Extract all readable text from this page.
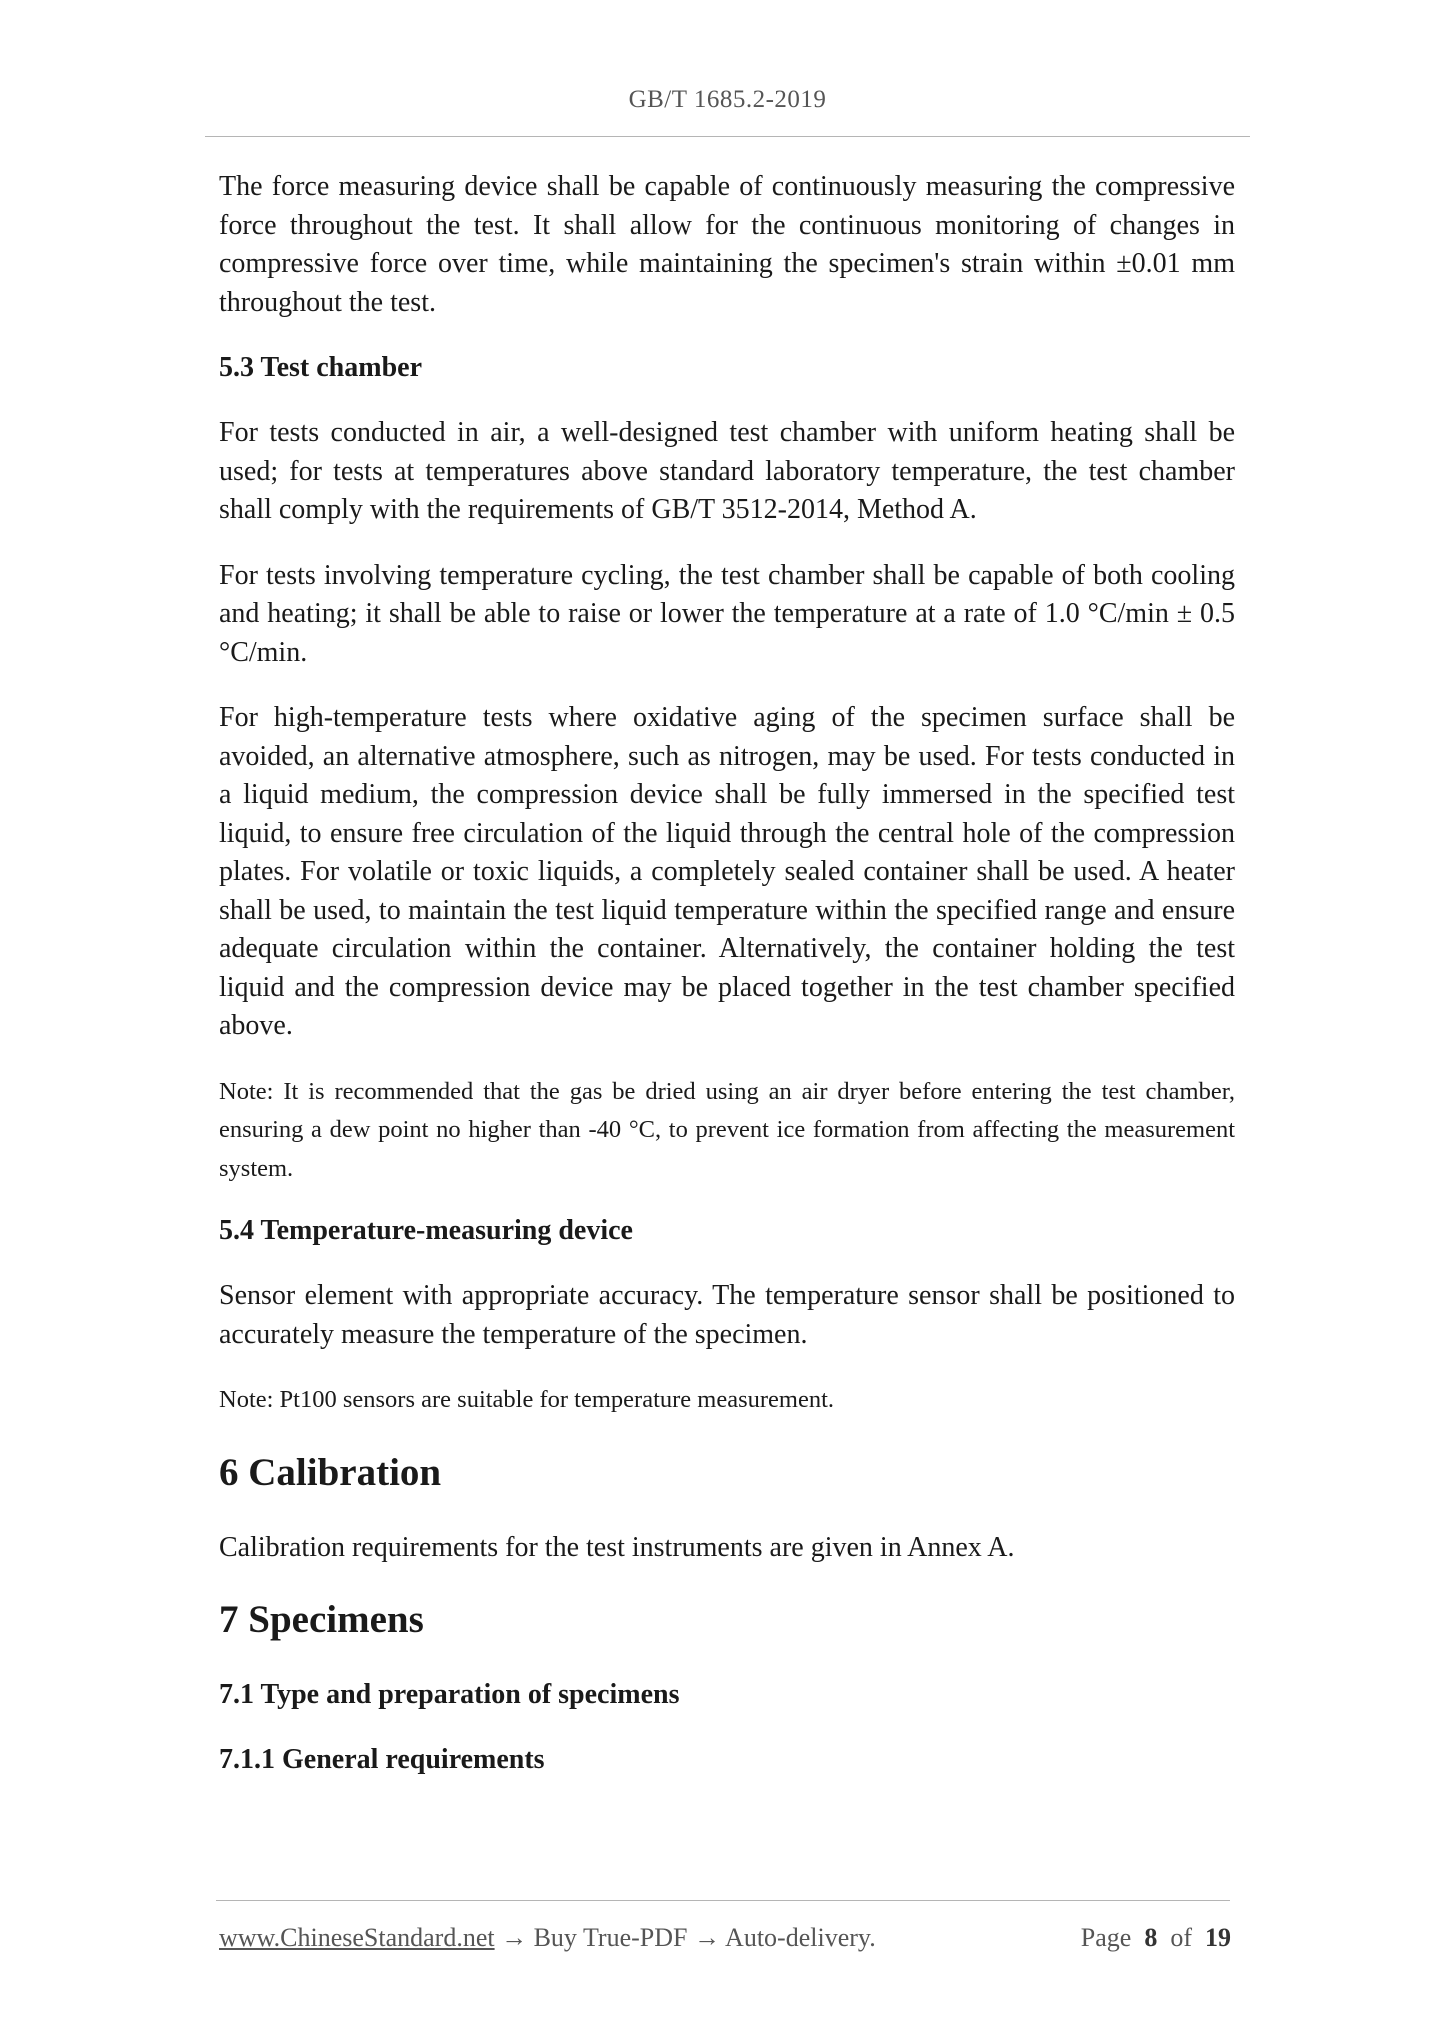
GB/T 1685.2-2019

The force measuring device shall be capable of continuously measuring the compressive force throughout the test. It shall allow for the continuous monitoring of changes in compressive force over time, while maintaining the specimen's strain within ±0.01 mm throughout the test.

5.3 Test chamber

For tests conducted in air, a well-designed test chamber with uniform heating shall be used; for tests at temperatures above standard laboratory temperature, the test chamber shall comply with the requirements of GB/T 3512-2014, Method A.

For tests involving temperature cycling, the test chamber shall be capable of both cooling and heating; it shall be able to raise or lower the temperature at a rate of 1.0 °C/min ± 0.5 °C/min.

For high-temperature tests where oxidative aging of the specimen surface shall be avoided, an alternative atmosphere, such as nitrogen, may be used. For tests conducted in a liquid medium, the compression device shall be fully immersed in the specified test liquid, to ensure free circulation of the liquid through the central hole of the compression plates. For volatile or toxic liquids, a completely sealed container shall be used. A heater shall be used, to maintain the test liquid temperature within the specified range and ensure adequate circulation within the container. Alternatively, the container holding the test liquid and the compression device may be placed together in the test chamber specified above.

Note: It is recommended that the gas be dried using an air dryer before entering the test chamber, ensuring a dew point no higher than -40 °C, to prevent ice formation from affecting the measurement system.

5.4 Temperature-measuring device

Sensor element with appropriate accuracy. The temperature sensor shall be positioned to accurately measure the temperature of the specimen.

Note: Pt100 sensors are suitable for temperature measurement.

6 Calibration

Calibration requirements for the test instruments are given in Annex A.

7 Specimens
7.1 Type and preparation of specimens
7.1.1 General requirements
www.ChineseStandard.net → Buy True-PDF → Auto-delivery.	Page 8 of 19
